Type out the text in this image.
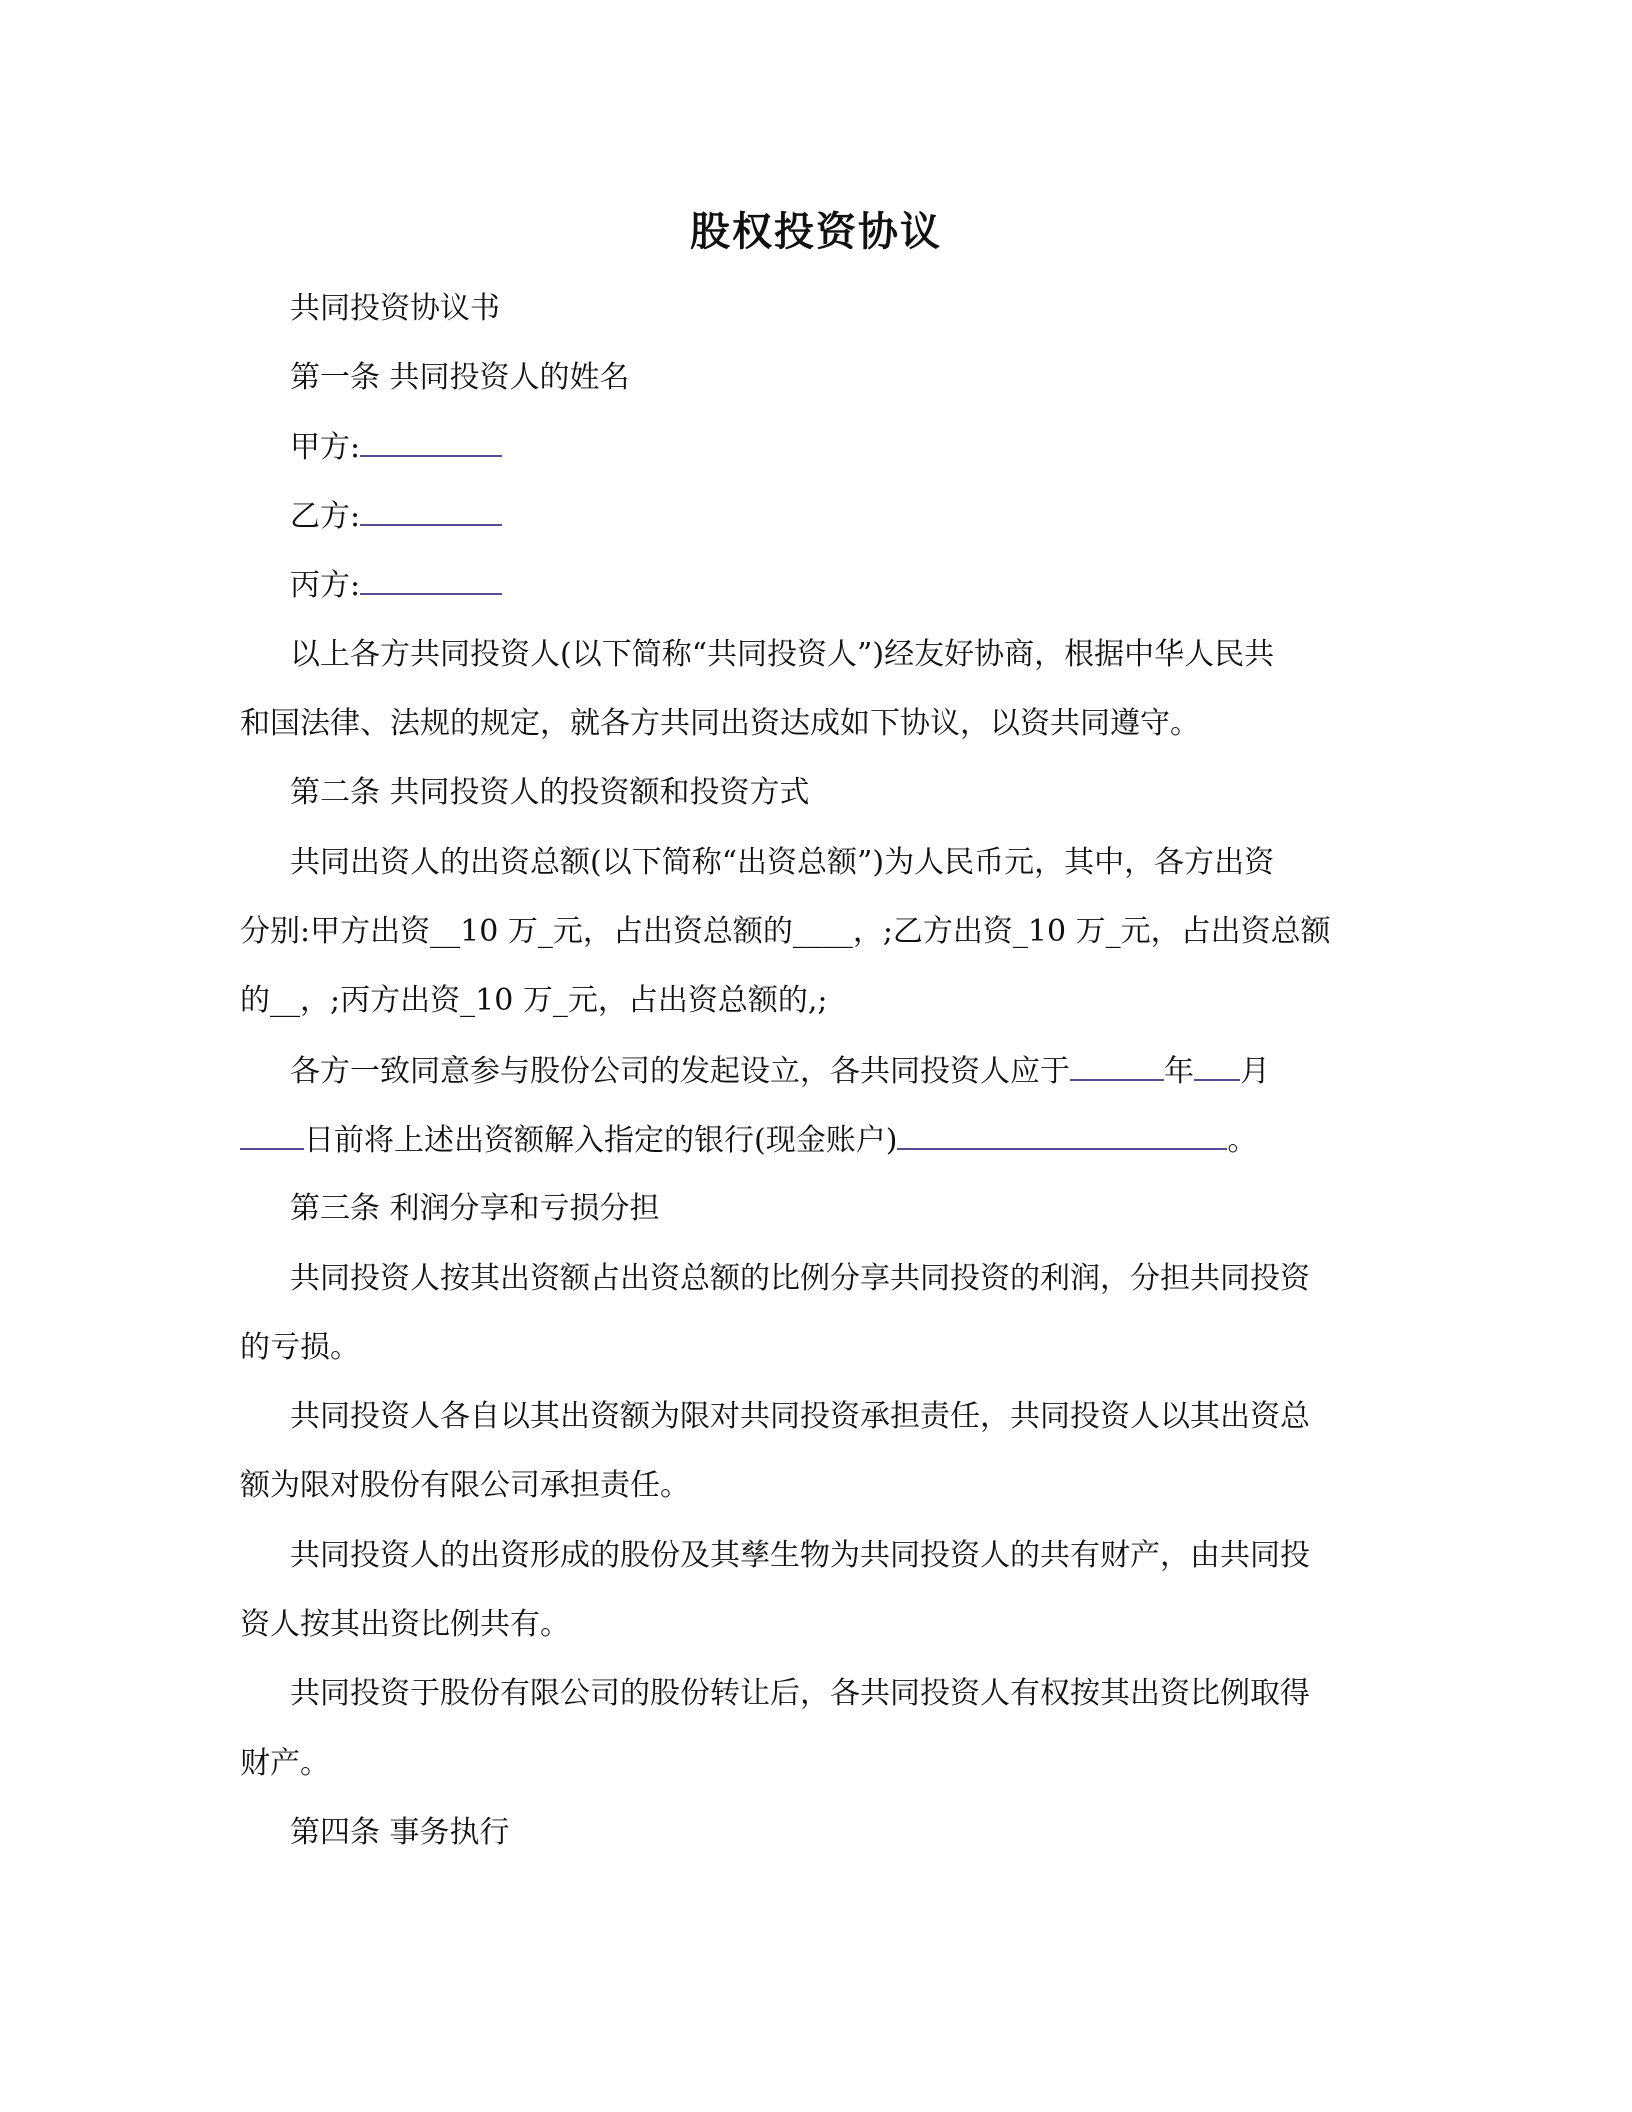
股权投资协议
共同投资协议书
第一条 共同投资人的姓名
甲方:
乙方:
丙方:
以上各方共同投资人(以下简称“共同投资人”)经友好协商，根据中华人民共
和国法律、法规的规定，就各方共同出资达成如下协议，以资共同遵守。
第二条 共同投资人的投资额和投资方式
共同出资人的出资总额(以下简称“出资总额”)为人民币元，其中，各方出资
分别:甲方出资__10 万_元，占出资总额的____，;乙方出资_10 万_元，占出资总额
的__，;丙方出资_10 万_元，占出资总额的,;
各方一致同意参与股份公司的发起设立，各共同投资人应于	年 月
日前将上述出资额解入指定的银行(现金账户)	。
第三条 利润分享和亏损分担
共同投资人按其出资额占出资总额的比例分享共同投资的利润，分担共同投资
的亏损。
共同投资人各自以其出资额为限对共同投资承担责任，共同投资人以其出资总
额为限对股份有限公司承担责任。
共同投资人的出资形成的股份及其孳生物为共同投资人的共有财产，由共同投
资人按其出资比例共有。
共同投资于股份有限公司的股份转让后，各共同投资人有权按其出资比例取得
财产。
第四条 事务执行
